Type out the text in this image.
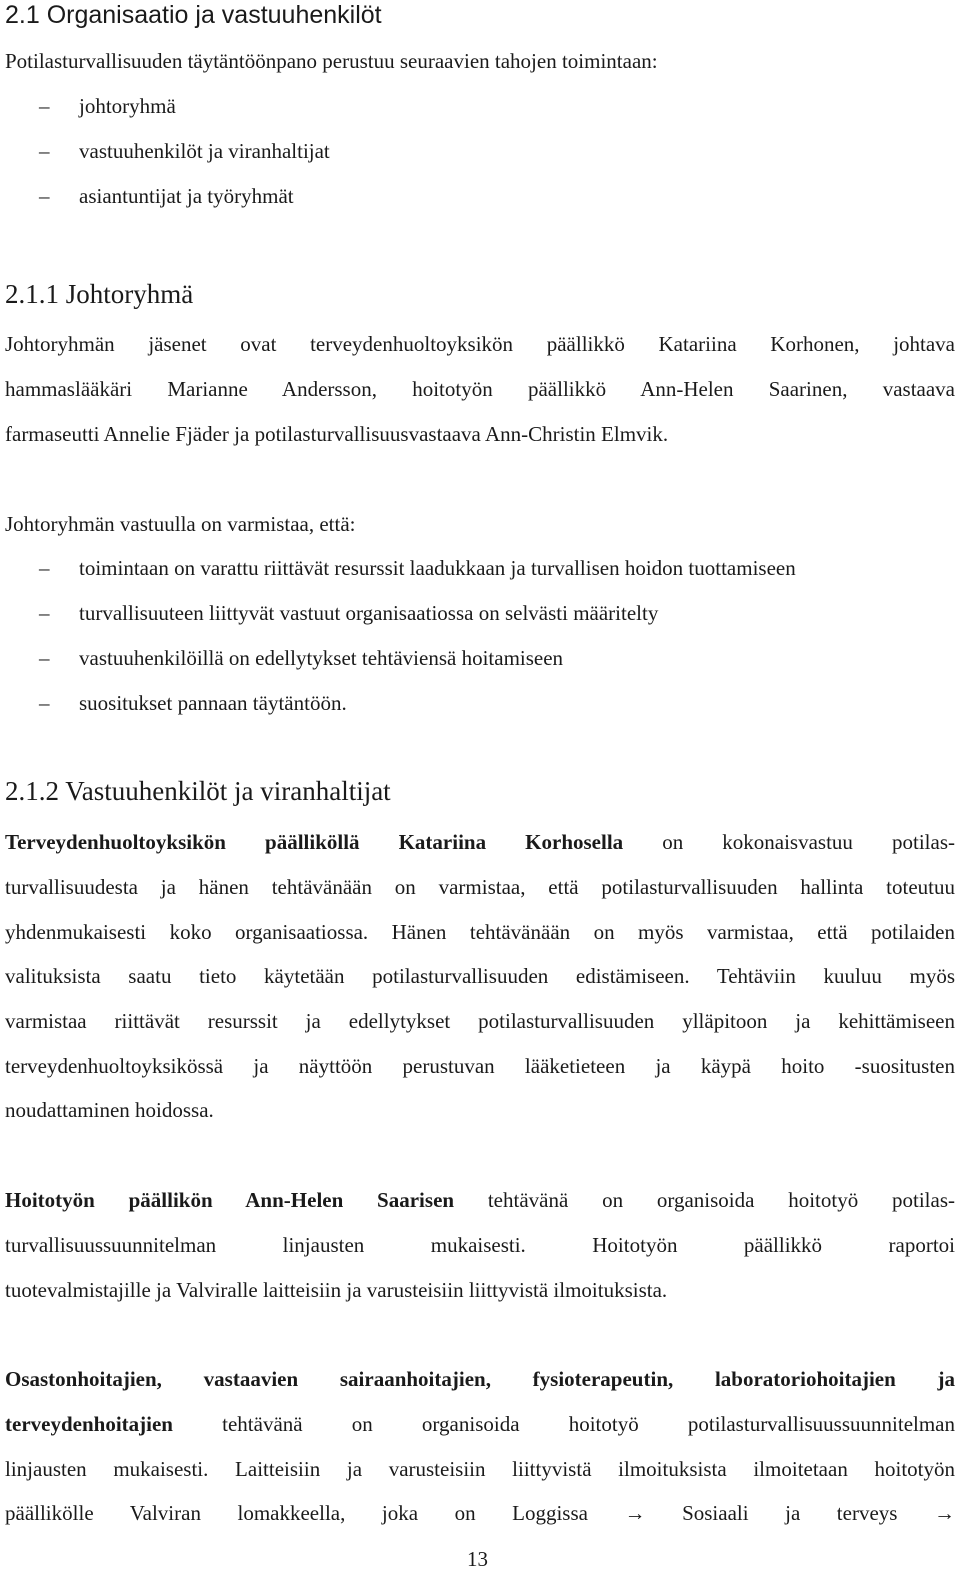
2.1 Organisaatio ja vastuuhenkilöt
Potilasturvallisuuden täytäntöönpano perustuu seuraavien tahojen toimintaan:
– johtoryhmä
– vastuuhenkilöt ja viranhaltijat
– asiantuntijat ja työryhmät
2.1.1 Johtoryhmä
Johtoryhmän jäsenet ovat terveydenhuoltoyksikön päällikkö Katariina Korhonen, johtava
hammaslääkäri Marianne Andersson, hoitotyön päällikkö Ann-Helen Saarinen, vastaava
farmaseutti Annelie Fjäder ja potilasturvallisuusvastaava Ann-Christin Elmvik.
Johtoryhmän vastuulla on varmistaa, että:
– toimintaan on varattu riittävät resurssit laadukkaan ja turvallisen hoidon tuottamiseen
– turvallisuuteen liittyvät vastuut organisaatiossa on selvästi määritelty
– vastuuhenkilöillä on edellytykset tehtäviensä hoitamiseen
– suositukset pannaan täytäntöön.
2.1.2 Vastuuhenkilöt ja viranhaltijat
Terveydenhuoltoyksikön päälliköllä Katariina Korhosella on kokonaisvastuu potilas-
turvallisuudesta ja hänen tehtävänään on varmistaa, että potilasturvallisuuden hallinta toteutuu
yhdenmukaisesti koko organisaatiossa. Hänen tehtävänään on myös varmistaa, että potilaiden
valituksista saatu tieto käytetään potilasturvallisuuden edistämiseen. Tehtäviin kuuluu myös
varmistaa riittävät resurssit ja edellytykset potilasturvallisuuden ylläpitoon ja kehittämiseen
terveydenhuoltoyksikössä ja näyttöön perustuvan lääketieteen ja käypä hoito -suositusten
noudattaminen hoidossa.
Hoitotyön päällikön Ann-Helen Saarisen tehtävänä on organisoida hoitotyö potilas-
turvallisuussuunnitelman linjausten mukaisesti. Hoitotyön päällikkö raportoi
tuotevalmistajille ja Valviralle laitteisiin ja varusteisiin liittyvistä ilmoituksista.
Osastonhoitajien, vastaavien sairaanhoitajien, fysioterapeutin, laboratoriohoitajien ja
terveydenhoitajien tehtävänä on organisoida hoitotyö potilasturvallisuussuunnitelman
linjausten mukaisesti. Laitteisiin ja varusteisiin liittyvistä ilmoituksista ilmoitetaan hoitotyön
päällikölle Valviran lomakkeella, joka on Loggissa → Sosiaali ja terveys →
13
